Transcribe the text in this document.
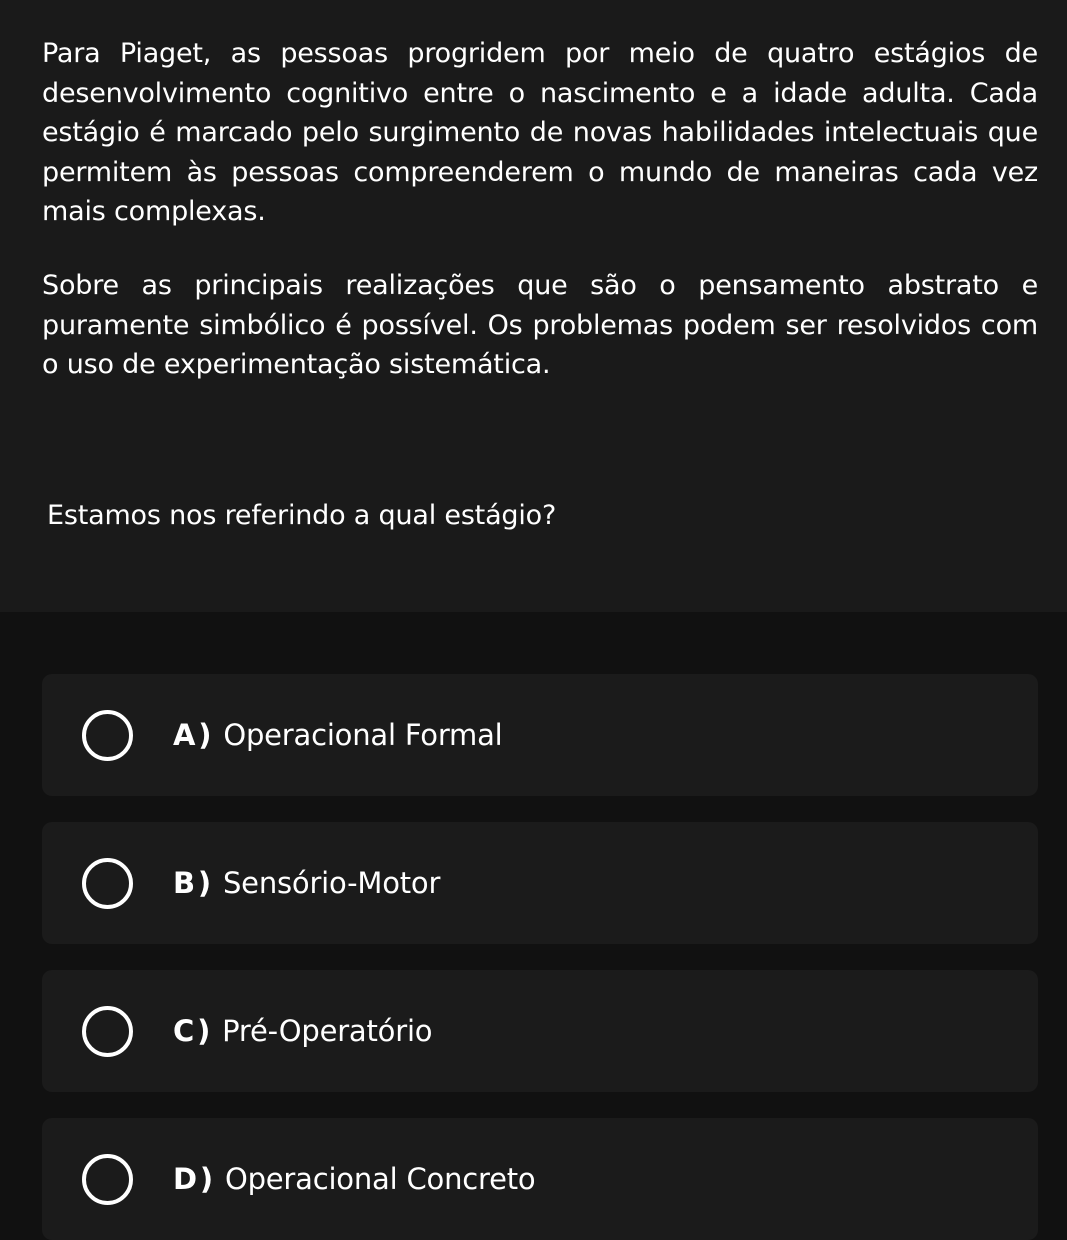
Para Piaget, as pessoas progridem por meio de quatro estágios de desenvolvimento cognitivo entre o nascimento e a idade adulta. Cada estágio é marcado pelo surgimento de novas habilidades intelectuais que permitem às pessoas compreenderem o mundo de maneiras cada vez mais complexas.

Sobre as principais realizações que são o pensamento abstrato e puramente simbólico é possível. Os problemas podem ser resolvidos com o uso de experimentação sistemática.

Estamos nos referindo a qual estágio?

A ) Operacional Formal
B ) Sensório-Motor
C ) Pré-Operatório
D ) Operacional Concreto
